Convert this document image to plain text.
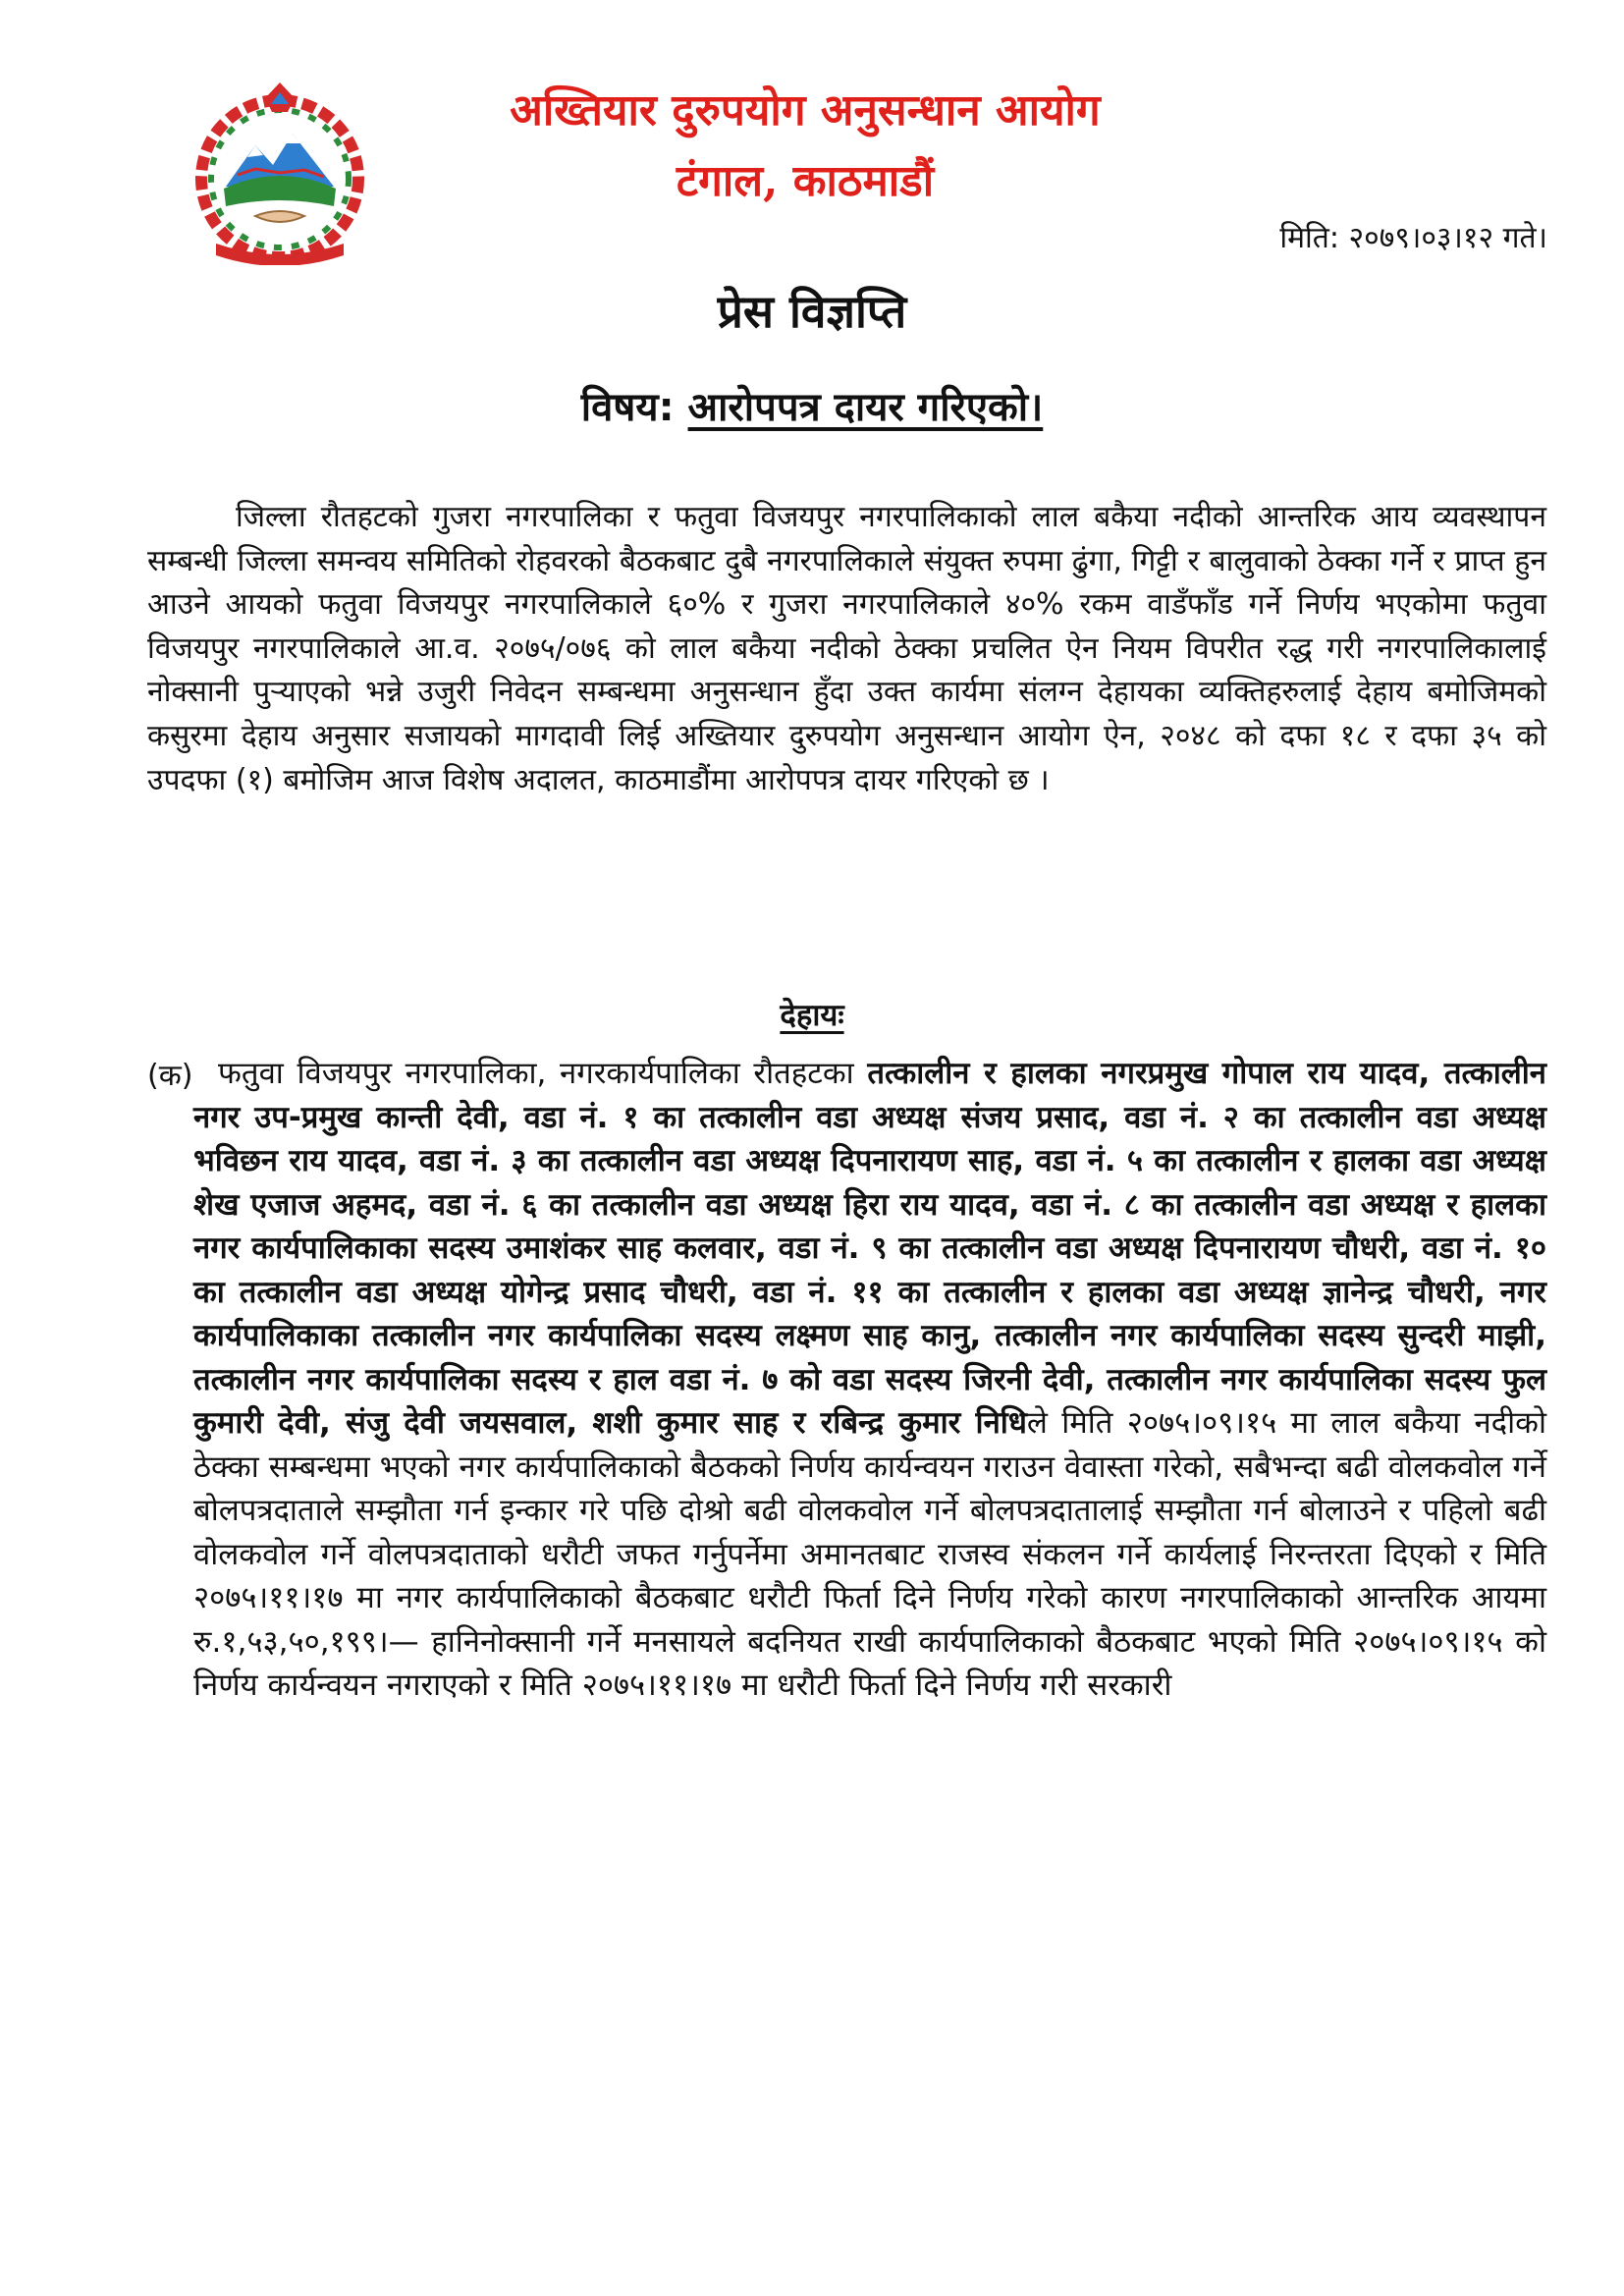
अख्तियार दुरुपयोग अनुसन्धान आयोग
टंगाल, काठमाडौं
मिति: २०७९।०३।१२ गते।
प्रेस विज्ञप्ति
विषय: आरोपपत्र दायर गरिएको।
जिल्ला रौतहटको गुजरा नगरपालिका र फतुवा विजयपुर नगरपालिकाको लाल बकैया नदीको आन्तरिक आय व्यवस्थापन सम्बन्धी जिल्ला समन्वय समितिको रोहवरको बैठकबाट दुबै नगरपालिकाले संयुक्त रुपमा ढुंगा, गिट्टी र बालुवाको ठेक्का गर्ने र प्राप्त हुन आउने आयको फतुवा विजयपुर नगरपालिकाले ६०% र गुजरा नगरपालिकाले ४०% रकम वाडँफाँड गर्ने निर्णय भएकोमा फतुवा विजयपुर नगरपालिकाले आ.व. २०७५/०७६ को लाल बकैया नदीको ठेक्का प्रचलित ऐन नियम विपरीत रद्ध गरी नगरपालिकालाई नोक्सानी पुऱ्याएको भन्ने उजुरी निवेदन सम्बन्धमा अनुसन्धान हुँदा उक्त कार्यमा संलग्न देहायका व्यक्तिहरुलाई देहाय बमोजिमको कसुरमा देहाय अनुसार सजायको मागदावी लिई अख्तियार दुरुपयोग अनुसन्धान आयोग ऐन, २०४८ को दफा १८ र दफा ३५ को उपदफा (१) बमोजिम आज विशेष अदालत, काठमाडौंमा आरोपपत्र दायर गरिएको छ ।
देहायः
(क) फतुवा विजयपुर नगरपालिका, नगरकार्यपालिका रौतहटका तत्कालीन र हालका नगरप्रमुख गोपाल राय यादव, तत्कालीन नगर उप-प्रमुख कान्ती देवी, वडा नं. १ का तत्कालीन वडा अध्यक्ष संजय प्रसाद, वडा नं. २ का तत्कालीन वडा अध्यक्ष भविछन राय यादव, वडा नं. ३ का तत्कालीन वडा अध्यक्ष दिपनारायण साह, वडा नं. ५ का तत्कालीन र हालका वडा अध्यक्ष शेख एजाज अहमद, वडा नं. ६ का तत्कालीन वडा अध्यक्ष हिरा राय यादव, वडा नं. ८ का तत्कालीन वडा अध्यक्ष र हालका नगर कार्यपालिकाका सदस्य उमाशंकर साह कलवार, वडा नं. ९ का तत्कालीन वडा अध्यक्ष दिपनारायण चौधरी, वडा नं. १० का तत्कालीन वडा अध्यक्ष योगेन्द्र प्रसाद चौधरी, वडा नं. ११ का तत्कालीन र हालका वडा अध्यक्ष ज्ञानेन्द्र चौधरी, नगर कार्यपालिकाका तत्कालीन नगर कार्यपालिका सदस्य लक्ष्मण साह कानु, तत्कालीन नगर कार्यपालिका सदस्य सुन्दरी माझी, तत्कालीन नगर कार्यपालिका सदस्य र हाल वडा नं. ७ को वडा सदस्य जिरनी देवी, तत्कालीन नगर कार्यपालिका सदस्य फुल कुमारी देवी, संजु देवी जयसवाल, शशी कुमार साह र रबिन्द्र कुमार निधिले मिति २०७५।०९।१५ मा लाल बकैया नदीको ठेक्का सम्बन्धमा भएको नगर कार्यपालिकाको बैठकको निर्णय कार्यन्वयन गराउन वेवास्ता गरेको, सबैभन्दा बढी वोलकवोल गर्ने बोलपत्रदाताले सम्झौता गर्न इन्कार गरे पछि दोश्रो बढी वोलकवोल गर्ने बोलपत्रदातालाई सम्झौता गर्न बोलाउने र पहिलो बढी वोलकवोल गर्ने वोलपत्रदाताको धरौटी जफत गर्नुपर्नेमा अमानतबाट राजस्व संकलन गर्ने कार्यलाई निरन्तरता दिएको र मिति २०७५।११।१७ मा नगर कार्यपालिकाको बैठकबाट धरौटी फिर्ता दिने निर्णय गरेको कारण नगरपालिकाको आन्तरिक आयमा रु.१,५३,५०,१९९।— हानिनोक्सानी गर्ने मनसायले बदनियत राखी कार्यपालिकाको बैठकबाट भएको मिति २०७५।०९।१५ को निर्णय कार्यन्वयन नगराएको र मिति २०७५।११।१७ मा धरौटी फिर्ता दिने निर्णय गरी सरकारी
